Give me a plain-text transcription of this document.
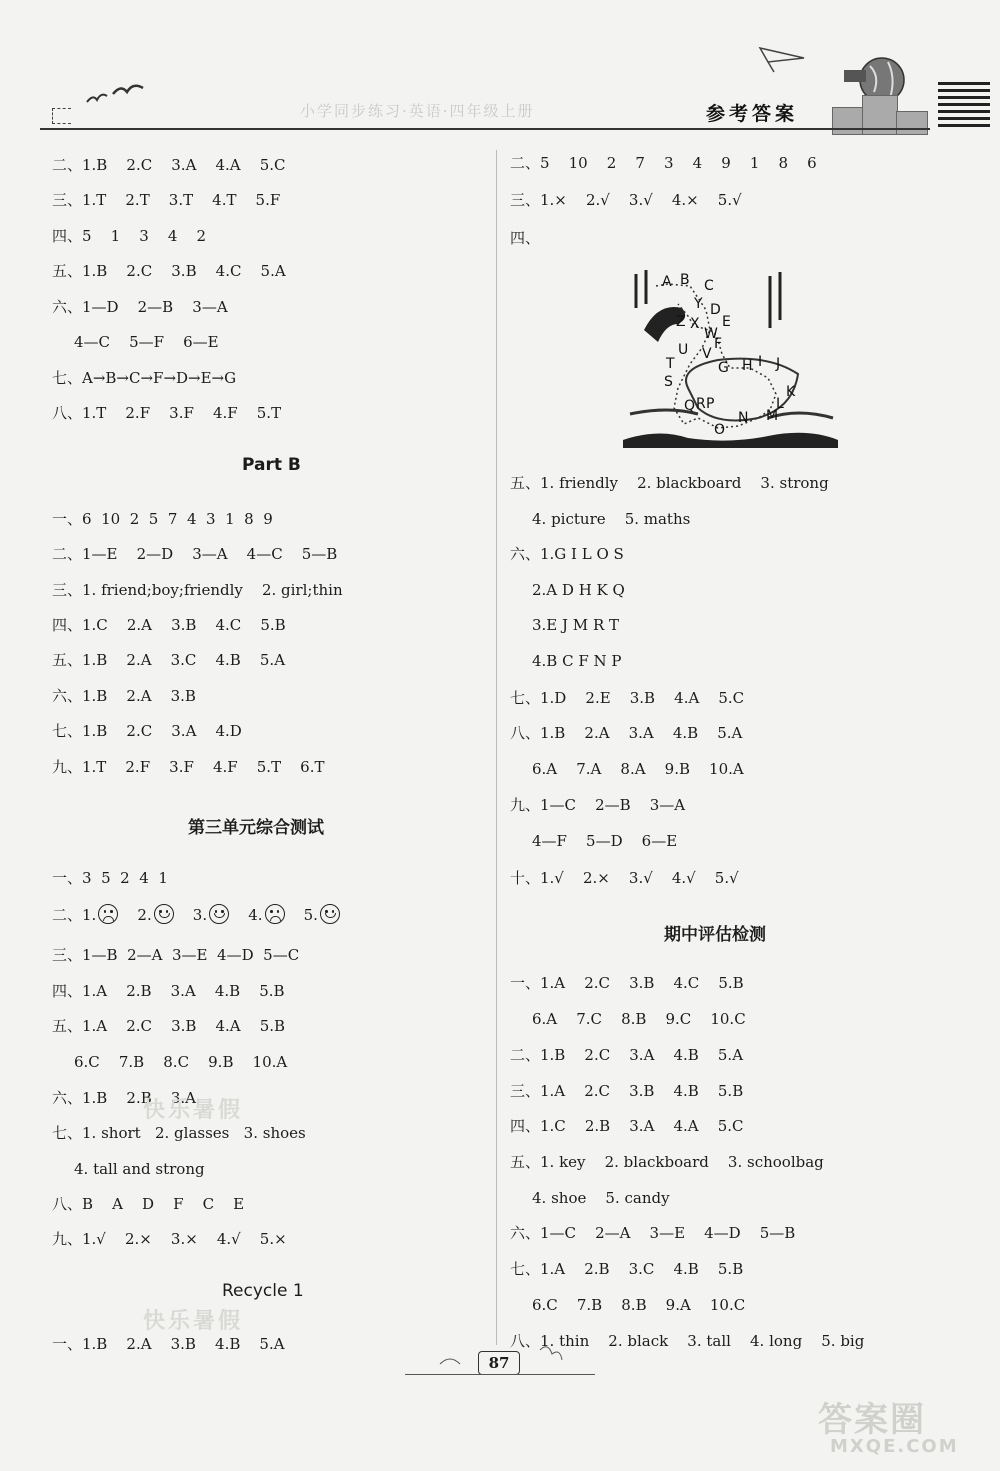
小学同步练习·英语·四年级上册	参考答案
二、1.B    2.C    3.A    4.A    5.C
三、1.T    2.T    3.T    4.T    5.F
四、5    1    3    4    2
五、1.B    2.C    3.B    4.C    5.A
六、1—D    2—B    3—A
4—C    5—F    6—E
七、A→B→C→F→D→E→G
八、1.T    2.F    3.F    4.F    5.T
Part B
一、6  10  2  5  7  4  3  1  8  9
二、1—E    2—D    3—A    4—C    5—B
三、1. friend;boy;friendly    2. girl;thin
四、1.C    2.A    3.B    4.C    5.B
五、1.B    2.A    3.C    4.B    5.A
六、1.B    2.A    3.B
七、1.B    2.C    3.A    4.D
九、1.T    2.F    3.F    4.F    5.T    6.T
第三单元综合测试
一、3  5  2  4  1
二、1.	2.	3.	4.	5.
三、1—B  2—A  3—E  4—D  5—C
四、1.A    2.B    3.A    4.B    5.B
五、1.A    2.C    3.B    4.A    5.B
6.C    7.B    8.C    9.B    10.A
六、1.B    2.B    3.A
七、1. short   2. glasses   3. shoes
4. tall and strong
八、B    A    D    F    C    E
九、1.√    2.×    3.×    4.√    5.×
Recycle 1
一、1.B    2.A    3.B    4.B    5.A
快乐暑假
快乐暑假
二、5    10    2    7    3    4    9    1    8    6
三、1.×    2.√    3.√    4.×    5.√
四、
A B C
D
E
F
G H I J
K
L
M
N
O
P
Q R
S
T
U V
W
X
Y
Z
五、1. friendly    2. blackboard    3. strong
4. picture    5. maths
六、1.G I L O S
2.A D H K Q
3.E J M R T
4.B C F N P
七、1.D    2.E    3.B    4.A    5.C
八、1.B    2.A    3.A    4.B    5.A
6.A    7.A    8.A    9.B    10.A
九、1—C    2—B    3—A
4—F    5—D    6—E
十、1.√    2.×    3.√    4.√    5.√
期中评估检测
一、1.A    2.C    3.B    4.C    5.B
6.A    7.C    8.B    9.C    10.C
二、1.B    2.C    3.A    4.B    5.A
三、1.A    2.C    3.B    4.B    5.B
四、1.C    2.B    3.A    4.A    5.C
五、1. key    2. blackboard    3. schoolbag
4. shoe    5. candy
六、1—C    2—A    3—E    4—D    5—B
七、1.A    2.B    3.C    4.B    5.B
6.C    7.B    8.B    9.A    10.C
八、1. thin    2. black    3. tall    4. long    5. big
87
答案圈
MXQE.COM
